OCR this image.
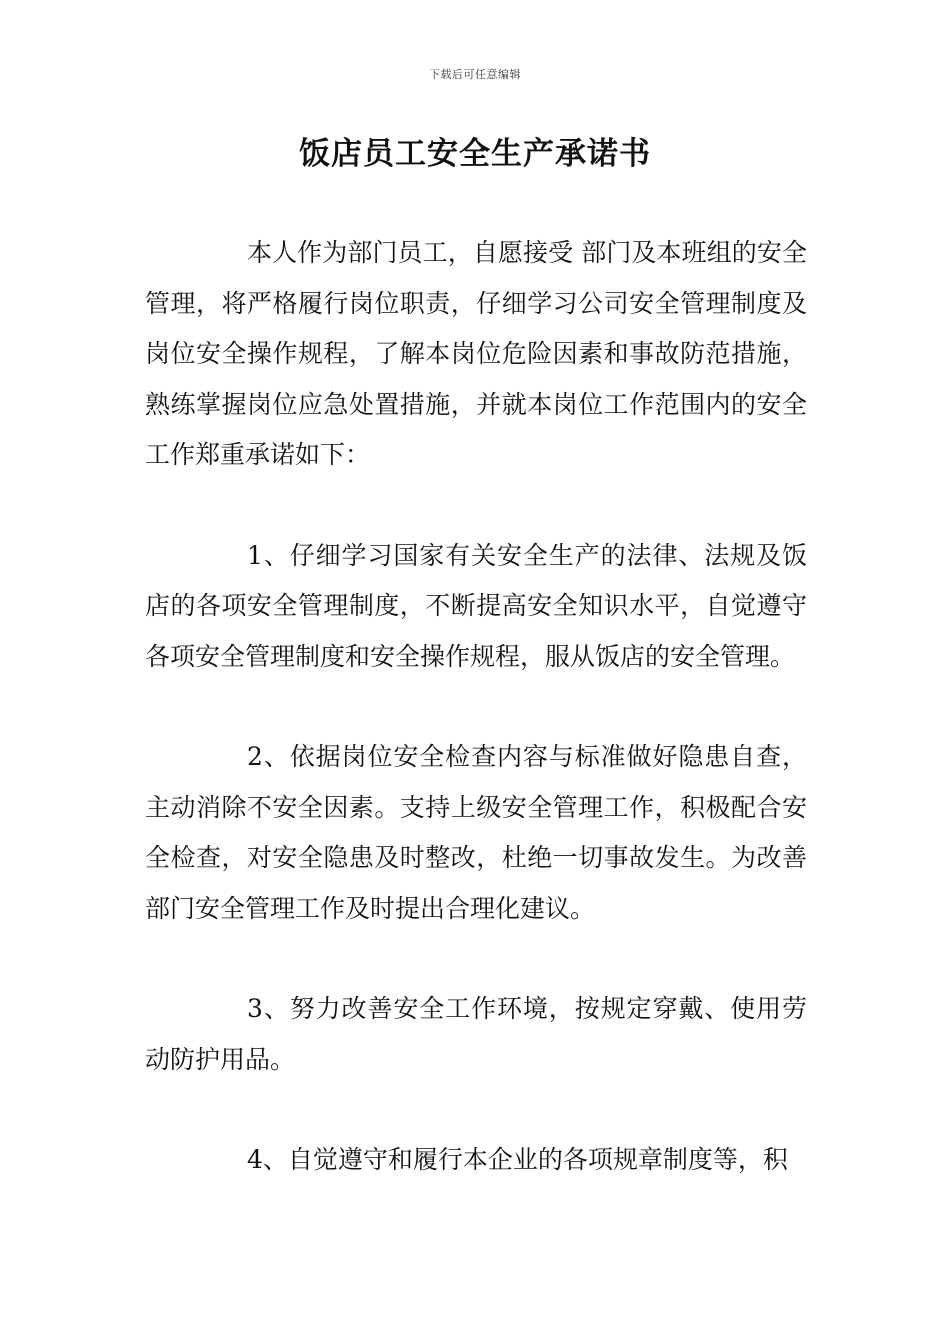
下载后可任意编辑
饭店员工安全生产承诺书

本人作为部门员工，自愿接受 部门及本班组的安全管理，将严格履行岗位职责，仔细学习公司安全管理制度及岗位安全操作规程，了解本岗位危险因素和事故防范措施，熟练掌握岗位应急处置措施，并就本岗位工作范围内的安全工作郑重承诺如下：

1、仔细学习国家有关安全生产的法律、法规及饭店的各项安全管理制度，不断提高安全知识水平，自觉遵守各项安全管理制度和安全操作规程，服从饭店的安全管理。

2、依据岗位安全检查内容与标准做好隐患自查，主动消除不安全因素。支持上级安全管理工作，积极配合安全检查，对安全隐患及时整改，杜绝一切事故发生。为改善部门安全管理工作及时提出合理化建议。

3、努力改善安全工作环境，按规定穿戴、使用劳动防护用品。

4、自觉遵守和履行本企业的各项规章制度等，积
